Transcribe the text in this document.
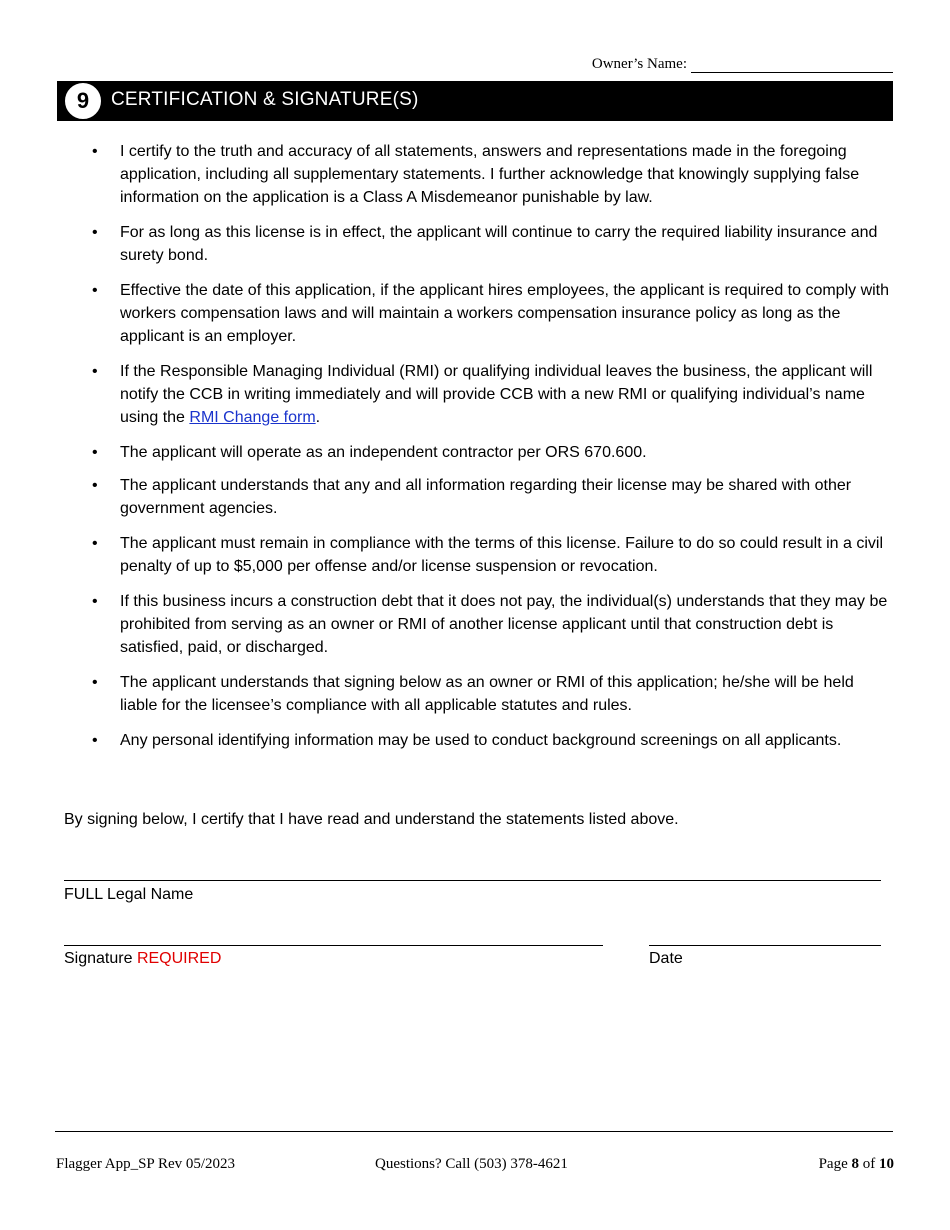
Owner’s Name:
9	CERTIFICATION & SIGNATURE(S)
• I certify to the truth and accuracy of all statements, answers and representations made in the foregoing application, including all supplementary statements. I further acknowledge that knowingly supplying false information on the application is a Class A Misdemeanor punishable by law.
• For as long as this license is in effect, the applicant will continue to carry the required liability insurance and surety bond.
• Effective the date of this application, if the applicant hires employees, the applicant is required to comply with workers compensation laws and will maintain a workers compensation insurance policy as long as the applicant is an employer.
• If the Responsible Managing Individual (RMI) or qualifying individual leaves the business, the applicant will notify the CCB in writing immediately and will provide CCB with a new RMI or qualifying individual’s name using the RMI Change form.
• The applicant will operate as an independent contractor per ORS 670.600.
• The applicant understands that any and all information regarding their license may be shared with other government agencies.
• The applicant must remain in compliance with the terms of this license. Failure to do so could result in a civil penalty of up to $5,000 per offense and/or license suspension or revocation.
• If this business incurs a construction debt that it does not pay, the individual(s) understands that they may be prohibited from serving as an owner or RMI of another license applicant until that construction debt is satisfied, paid, or discharged.
• The applicant understands that signing below as an owner or RMI of this application; he/she will be held liable for the licensee’s compliance with all applicable statutes and rules.
• Any personal identifying information may be used to conduct background screenings on all applicants.
By signing below, I certify that I have read and understand the statements listed above.
FULL Legal Name
Signature REQUIRED	Date
Flagger App_SP Rev 05/2023	Questions? Call (503) 378-4621	Page 8 of 10
